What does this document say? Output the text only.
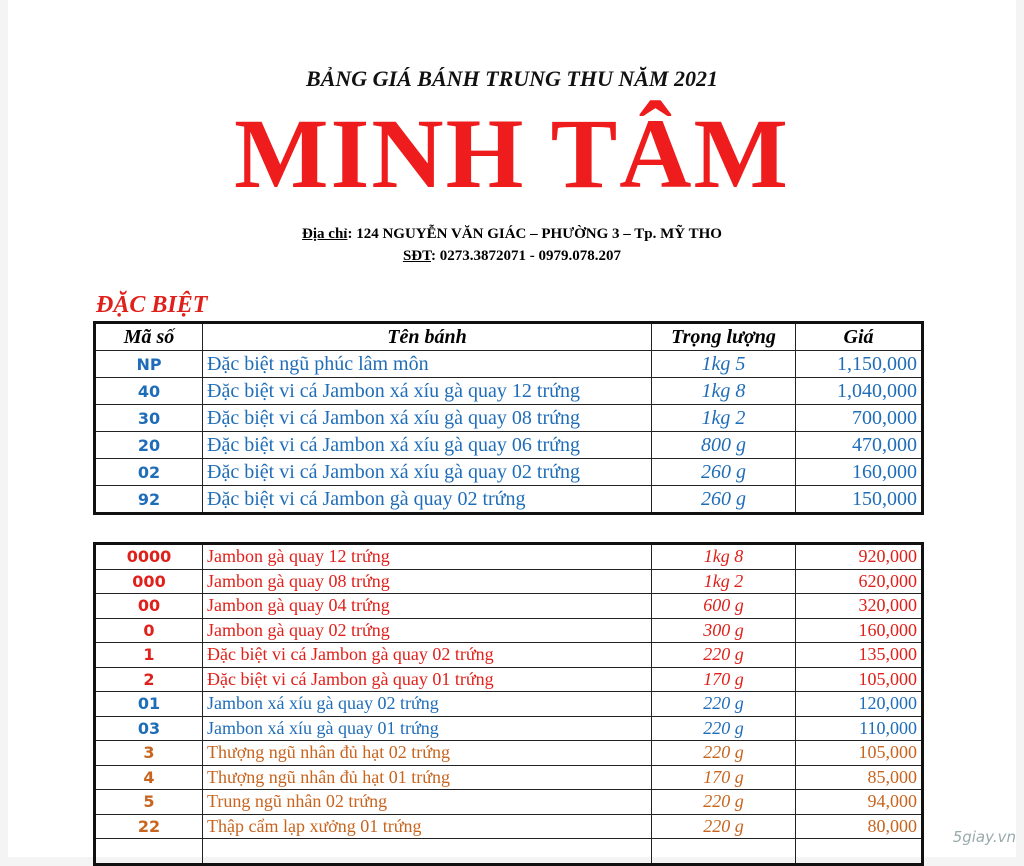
BẢNG GIÁ BÁNH TRUNG THU NĂM 2021
MINH TÂM
Địa chỉ: 124 NGUYỄN VĂN GIÁC – PHƯỜNG 3 – Tp. MỸ THO
SĐT: 0273.3872071 - 0979.078.207
ĐẶC BIỆT
Mã số	Tên bánh	Trọng lượng	Giá
NP	Đặc biệt ngũ phúc lâm môn	1kg 5	1,150,000
40	Đặc biệt vi cá Jambon xá xíu gà quay 12 trứng	1kg 8	1,040,000
30	Đặc biệt vi cá Jambon xá xíu gà quay 08 trứng	1kg 2	700,000
20	Đặc biệt vi cá Jambon xá xíu gà quay 06 trứng	800 g	470,000
02	Đặc biệt vi cá Jambon xá xíu gà quay 02 trứng	260 g	160,000
92	Đặc biệt vi cá Jambon gà quay 02 trứng	260 g	150,000
0000	Jambon gà quay 12 trứng	1kg 8	920,000
000	Jambon gà quay 08 trứng	1kg 2	620,000
00	Jambon gà quay 04 trứng	600 g	320,000
0	Jambon gà quay 02 trứng	300 g	160,000
1	Đặc biệt vi cá Jambon gà quay 02 trứng	220 g	135,000
2	Đặc biệt vi cá Jambon gà quay 01 trứng	170 g	105,000
01	Jambon xá xíu gà quay 02 trứng	220 g	120,000
03	Jambon xá xíu gà quay 01 trứng	220 g	110,000
3	Thượng ngũ nhân đủ hạt 02 trứng	220 g	105,000
4	Thượng ngũ nhân đủ hạt 01 trứng	170 g	85,000
5	Trung ngũ nhân 02 trứng	220 g	94,000
22	Thập cẩm lạp xưởng 01 trứng	220 g	80,000

5giay.vn
